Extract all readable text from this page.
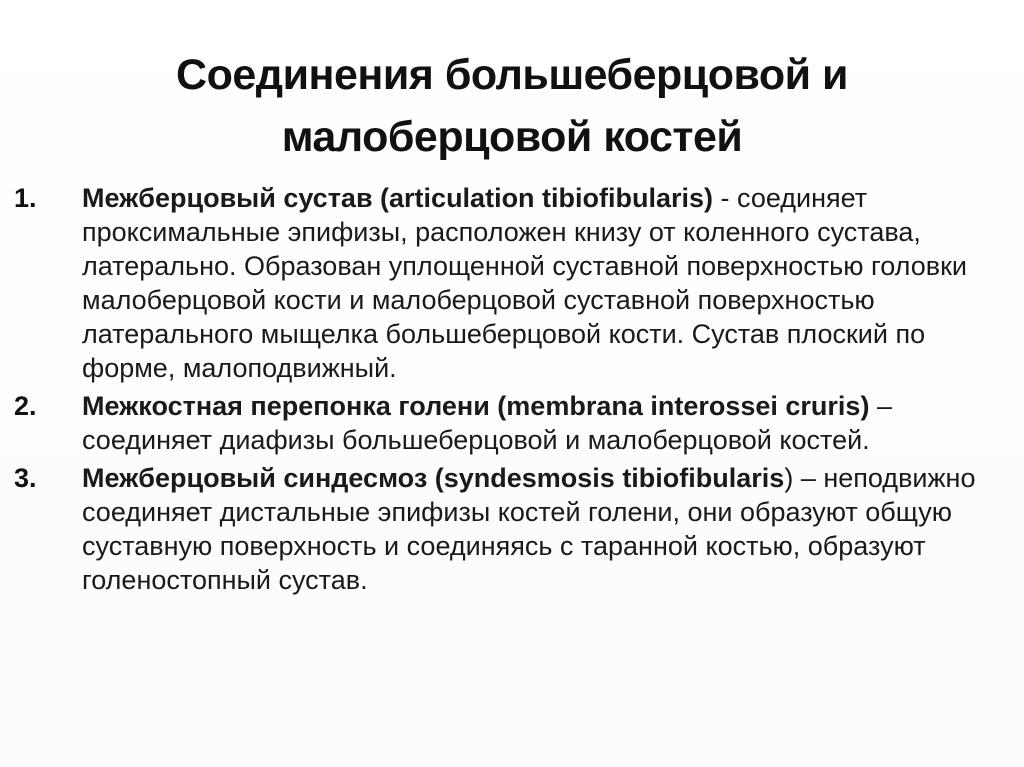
Соединения большеберцовой и
малоберцовой костей
1.	Межберцовый сустав (articulation tibiofibularis) - соединяет проксимальные эпифизы, расположен книзу от коленного сустава, латерально. Образован уплощенной суставной поверхностью головки малоберцовой кости и малоберцовой суставной поверхностью латерального мыщелка большеберцовой кости. Сустав плоский по форме, малоподвижный.
2.	Межкостная перепонка голени (membrana interossei cruris) – соединяет диафизы большеберцовой и малоберцовой костей.
3.	Межберцовый синдесмоз (syndesmosis tibiofibularis) – неподвижно соединяет дистальные эпифизы костей голени, они образуют общую суставную поверхность и соединяясь с таранной костью, образуют голеностопный сустав.
